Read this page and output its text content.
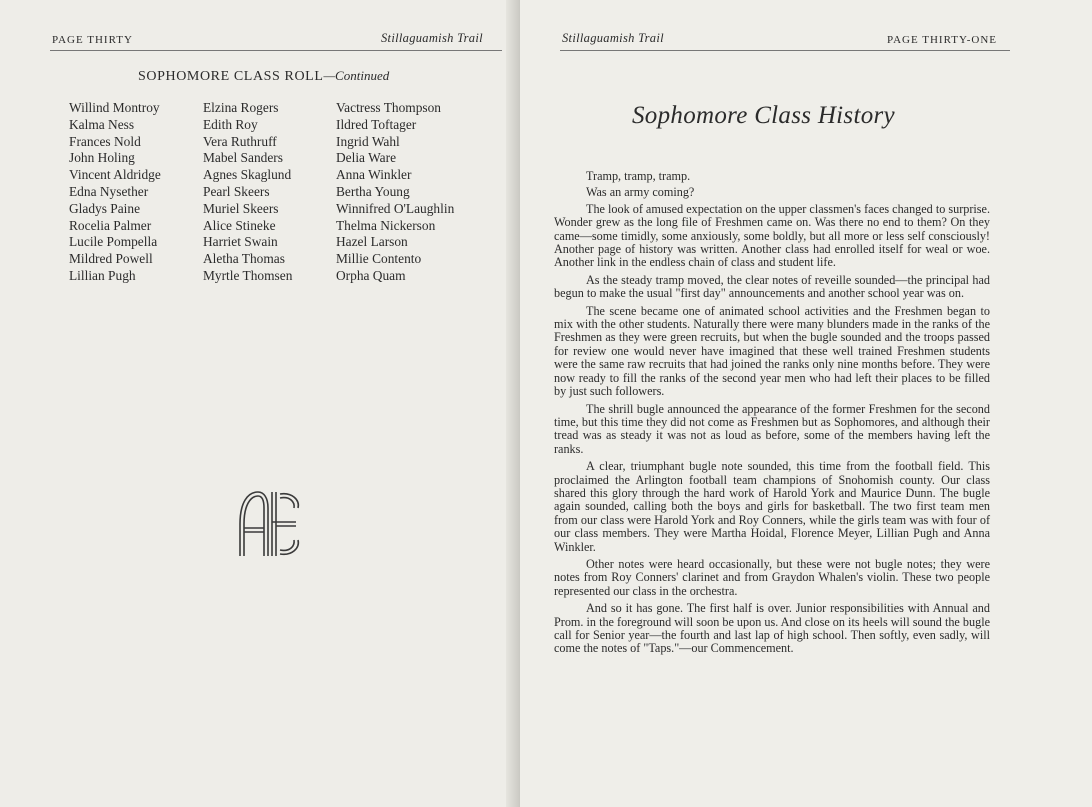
PAGE THIRTY	Stillaguamish Trail
SOPHOMORE CLASS ROLL—Continued
Willind Montroy
Kalma Ness
Frances Nold
John Holing
Vincent Aldridge
Edna Nysether
Gladys Paine
Rocelia Palmer
Lucile Pompella
Mildred Powell
Lillian Pugh
Elzina Rogers
Edith Roy
Vera Ruthruff
Mabel Sanders
Agnes Skaglund
Pearl Skeers
Muriel Skeers
Alice Stineke
Harriet Swain
Aletha Thomas
Myrtle Thomsen
Vactress Thompson
Ildred Toftager
Ingrid Wahl
Delia Ware
Anna Winkler
Bertha Young
Winnifred O'Laughlin
Thelma Nickerson
Hazel Larson
Millie Contento
Orpha Quam
Stillaguamish Trail	PAGE THIRTY-ONE
Sophomore Class History

Tramp, tramp, tramp.

Was an army coming?

The look of amused expectation on the upper classmen's faces changed to surprise. Wonder grew as the long file of Freshmen came on. Was there no end to them? On they came—some timidly, some anxiously, some boldly, but all more or less self consciously! Another page of history was written. Another class had enrolled itself for weal or woe. Another link in the endless chain of class and student life.

As the steady tramp moved, the clear notes of reveille sounded—the principal had begun to make the usual "first day" announcements and another school year was on.

The scene became one of animated school activities and the Freshmen began to mix with the other students. Naturally there were many blunders made in the ranks of the Freshmen as they were green recruits, but when the bugle sounded and the troops passed for review one would never have imagined that these well trained Freshmen students were the same raw recruits that had joined the ranks only nine months before. They were now ready to fill the ranks of the second year men who had left their places to be filled by just such followers.

The shrill bugle announced the appearance of the former Freshmen for the second time, but this time they did not come as Freshmen but as Sophomores, and although their tread was as steady it was not as loud as before, some of the members having left the ranks.

A clear, triumphant bugle note sounded, this time from the football field. This proclaimed the Arlington football team champions of Snohomish county. Our class shared this glory through the hard work of Harold York and Maurice Dunn. The bugle again sounded, calling both the boys and girls for basketball. The two first team men from our class were Harold York and Roy Conners, while the girls team was with four of our class members. They were Martha Hoidal, Florence Meyer, Lillian Pugh and Anna Winkler.

Other notes were heard occasionally, but these were not bugle notes; they were notes from Roy Conners' clarinet and from Graydon Whalen's violin. These two people represented our class in the orchestra.

And so it has gone. The first half is over. Junior responsibilities with Annual and Prom. in the foreground will soon be upon us. And close on its heels will sound the bugle call for Senior year—the fourth and last lap of high school. Then softly, even sadly, will come the notes of "Taps."—our Commencement.
